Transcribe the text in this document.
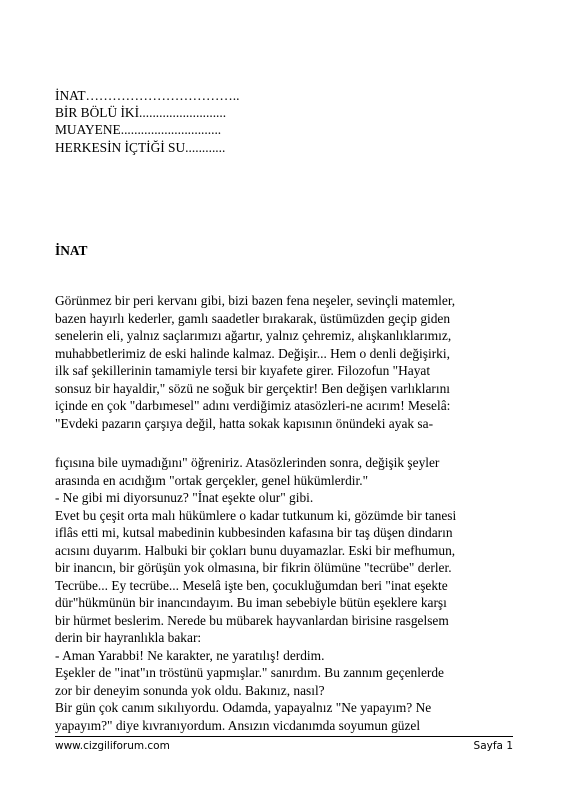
İNAT……………………………..
BİR BÖLÜ İKİ..........................
MUAYENE..............................
HERKESİN İÇTİĞİ SU............
İNAT
Görünmez bir peri kervanı gibi, bizi bazen fena neşeler, sevinçli matemler,
bazen hayırlı kederler, gamlı saadetler bırakarak, üstümüzden geçip giden
senelerin eli, yalnız saçlarımızı ağartır, yalnız çehremiz, alışkanlıklarımız,
muhabbetlerimiz de eski halinde kalmaz. Değişir... Hem o denli değişirki,
ilk saf şekillerinin tamamiyle tersi bir kıyafete girer. Filozofun "Hayat
sonsuz bir hayaldir," sözü ne soğuk bir gerçektir! Ben değişen varlıklarını
içinde en çok "darbımesel" adını verdiğimiz atasözleri-ne acırım! Meselâ:
"Evdeki pazarın çarşıya değil, hatta sokak kapısının önündeki ayak sa-
fıçısına bile uymadığını" öğreniriz. Atasözlerinden sonra, değişik şeyler
arasında en acıdığım "ortak gerçekler, genel hükümlerdir."
- Ne gibi mi diyorsunuz? "İnat eşekte olur" gibi.
Evet bu çeşit orta malı hükümlere o kadar tutkunum ki, gözümde bir tanesi
iflâs etti mi, kutsal mabedinin kubbesinden kafasına bir taş düşen dindarın
acısını duyarım. Halbuki bir çokları bunu duyamazlar. Eski bir mefhumun,
bir inancın, bir görüşün yok olmasına, bir fikrin ölümüne "tecrübe" derler.
Tecrübe... Ey tecrübe... Meselâ işte ben, çocukluğumdan beri "inat eşekte
dür"hükmünün bir inancındayım. Bu iman sebebiyle bütün eşeklere karşı
bir hürmet beslerim. Nerede bu mübarek hayvanlardan birisine rasgelsem
derin bir hayranlıkla bakar:
- Aman Yarabbi! Ne karakter, ne yaratılış! derdim.
Eşekler de "inat"ın tröstünü yapmışlar." sanırdım. Bu zannım geçenlerde
zor bir deneyim sonunda yok oldu. Bakınız, nasıl?
Bir gün çok canım sıkılıyordu. Odamda, yapayalnız "Ne yapayım? Ne
yapayım?" diye kıvranıyordum. Ansızın vicdanımda soyumun güzel
www.cizgiliforum.com	Sayfa 1
